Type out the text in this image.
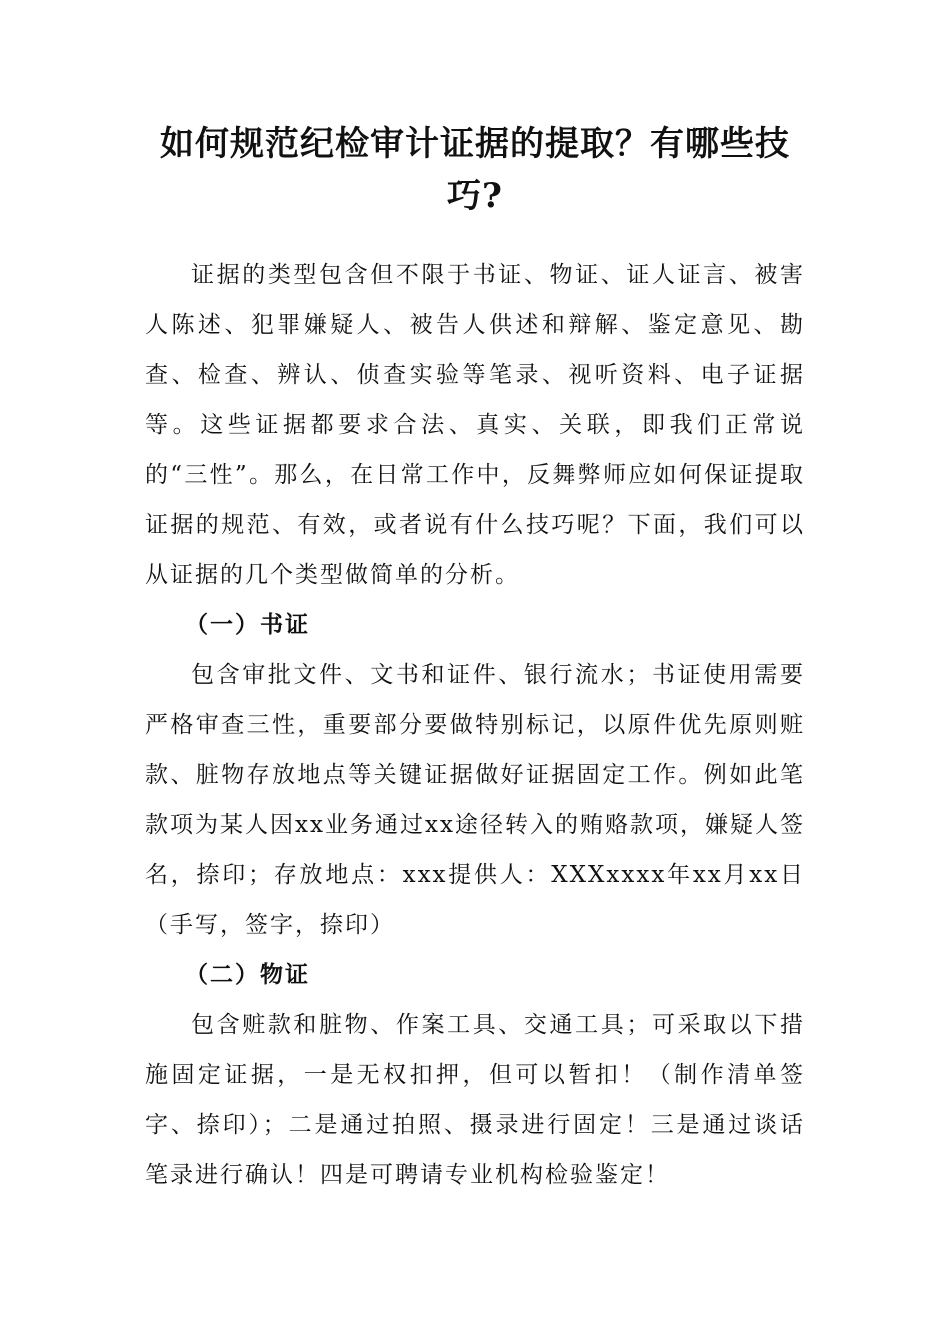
如何规范纪检审计证据的提取？有哪些技巧?

证据的类型包含但不限于书证、物证、证人证言、被害人陈述、犯罪嫌疑人、被告人供述和辩解、鉴定意见、勘查、检查、辨认、侦查实验等笔录、视听资料、电子证据等。这些证据都要求合法、真实、关联，即我们正常说的“三性”。那么，在日常工作中，反舞弊师应如何保证提取证据的规范、有效，或者说有什么技巧呢？下面，我们可以从证据的几个类型做简单的分析。

（一）书证

包含审批文件、文书和证件、银行流水；书证使用需要严格审查三性，重要部分要做特别标记，以原件优先原则赃款、脏物存放地点等关键证据做好证据固定工作。例如此笔款项为某人因xx业务通过xx途径转入的贿赂款项，嫌疑人签名，捺印；存放地点：xxx提供人：XXXxxxx年xx月xx日（手写，签字，捺印）

（二）物证

包含赃款和脏物、作案工具、交通工具；可采取以下措施固定证据，一是无权扣押，但可以暂扣！（制作清单签字、捺印）；二是通过拍照、摄录进行固定！三是通过谈话笔录进行确认！四是可聘请专业机构检验鉴定！
